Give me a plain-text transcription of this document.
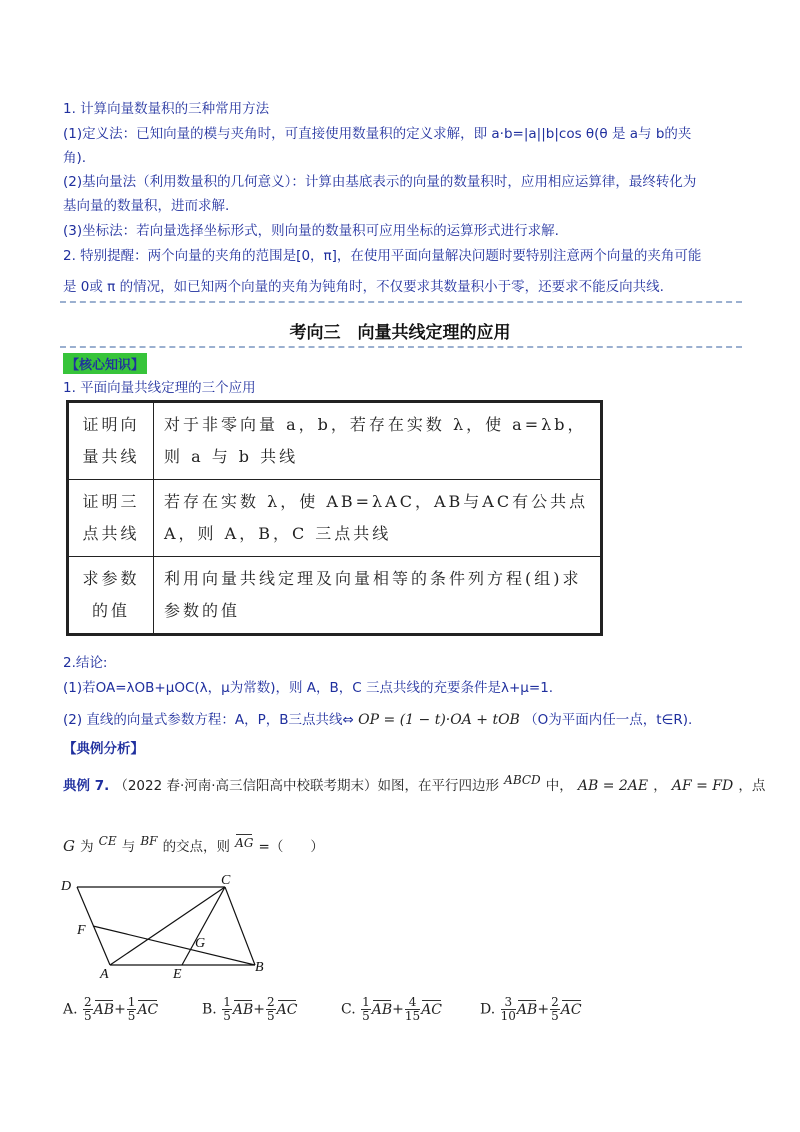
1. 计算向量数量积的三种常用方法
(1)定义法：已知向量的模与夹角时，可直接使用数量积的定义求解，即 a·b=|a||b|cos θ(θ 是 a与 b的夹
角).
(2)基向量法（利用数量积的几何意义）：计算由基底表示的向量的数量积时，应用相应运算律，最终转化为
基向量的数量积，进而求解.
(3)坐标法：若向量选择坐标形式，则向量的数量积可应用坐标的运算形式进行求解.
2. 特别提醒：两个向量的夹角的范围是[0，π]，在使用平面向量解决问题时要特别注意两个向量的夹角可能
是 0或 π 的情况，如已知两个向量的夹角为钝角时，不仅要求其数量积小于零，还要求不能反向共线.
考向三　向量共线定理的应用
【核心知识】
1. 平面向量共线定理的三个应用
证明向量共线	对于非零向量 a，b，若存在实数 λ，使 a=λb，则 a 与 b 共线
证明三点共线	若存在实数 λ，使 AB=λAC，AB与AC有公共点 A，则 A，B，C 三点共线
求参数的值	利用向量共线定理及向量相等的条件列方程(组)求参数的值
2.结论:
(1)若OA=λOB+μOC(λ，μ为常数)，则 A，B，C 三点共线的充要条件是λ+μ=1.
(2) 直线的向量式参数方程：A，P，B三点共线⇔ OP = (1 − t)·OA + tOB （O为平面内任一点，t∈R).
【典例分析】
典例 7. （2022 春·河南·高三信阳高中校联考期末）如图，在平行四边形 $^{ABCD}$ 中， AB = 2AE ， AF = FD ，点
G 为 $^{CE}$ 与 $^{BF}$ 的交点，则 AG =（　　）
D	C
F
G
A	E	B
A. $\frac{2}{5} AB+ \frac{1}{5}$ AC	B. $\frac{1}{5} AB+ \frac{2}{5}$ AC	C. $\frac{1}{5} AB+ \frac{4}{15}$ AC	D. $\frac{3}{10} AB+ \frac{2}{5}$ AC
